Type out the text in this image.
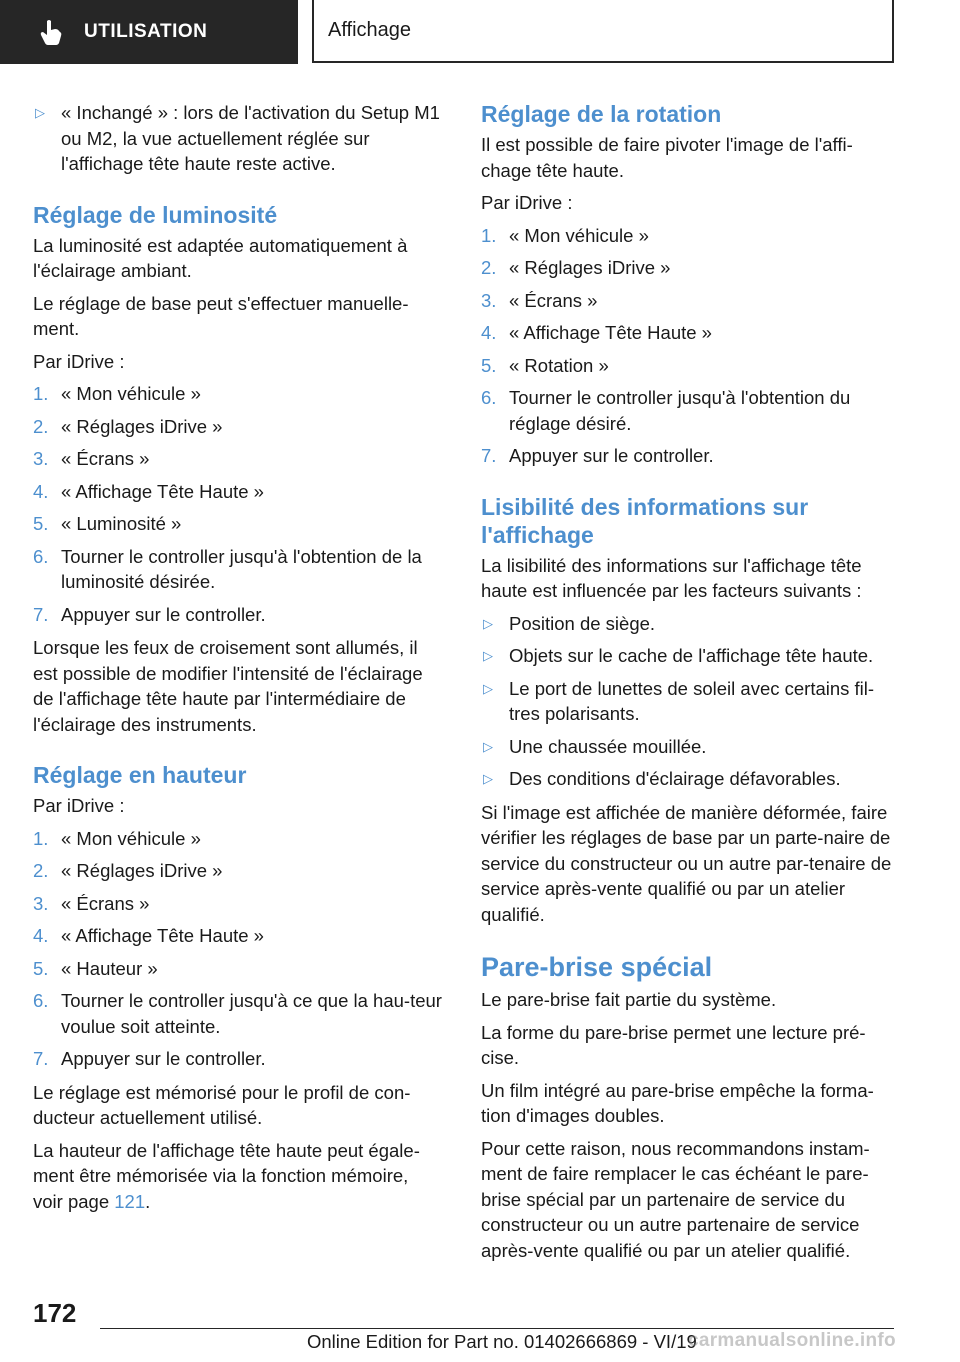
UTILISATION	Affichage
▷ « Inchangé » : lors de l'activation du Setup M1 ou M2, la vue actuellement réglée sur l'affichage tête haute reste active.
Réglage de luminosité

La luminosité est adaptée automatiquement à l'éclairage ambiant.

Le réglage de base peut s'effectuer manuelle-ment.

Par iDrive :

1. « Mon véhicule »
2. « Réglages iDrive »
3. « Écrans »
4. « Affichage Tête Haute »
5. « Luminosité »
6. Tourner le controller jusqu'à l'obtention de la luminosité désirée.
7. Appuyer sur le controller.

Lorsque les feux de croisement sont allumés, il est possible de modifier l'intensité de l'éclairage de l'affichage tête haute par l'intermédiaire de l'éclairage des instruments.

Réglage en hauteur

Par iDrive :

1. « Mon véhicule »
2. « Réglages iDrive »
3. « Écrans »
4. « Affichage Tête Haute »
5. « Hauteur »
6. Tourner le controller jusqu'à ce que la hau-teur voulue soit atteinte.
7. Appuyer sur le controller.

Le réglage est mémorisé pour le profil de con-ducteur actuellement utilisé.

La hauteur de l'affichage tête haute peut égale-ment être mémorisée via la fonction mémoire, voir page 121.

Réglage de la rotation

Il est possible de faire pivoter l'image de l'affi-chage tête haute.

Par iDrive :

1. « Mon véhicule »
2. « Réglages iDrive »
3. « Écrans »
4. « Affichage Tête Haute »
5. « Rotation »
6. Tourner le controller jusqu'à l'obtention du réglage désiré.
7. Appuyer sur le controller.
Lisibilité des informations sur l'affichage

La lisibilité des informations sur l'affichage tête haute est influencée par les facteurs suivants :

▷ Position de siège.
▷ Objets sur le cache de l'affichage tête haute.
▷ Le port de lunettes de soleil avec certains fil-tres polarisants.
▷ Une chaussée mouillée.
▷ Des conditions d'éclairage défavorables.

Si l'image est affichée de manière déformée, faire vérifier les réglages de base par un parte-naire de service du constructeur ou un autre par-tenaire de service après-vente qualifié ou par un atelier qualifié.

Pare-brise spécial

Le pare-brise fait partie du système.

La forme du pare-brise permet une lecture pré-cise.

Un film intégré au pare-brise empêche la forma-tion d'images doubles.

Pour cette raison, nous recommandons instam-ment de faire remplacer le cas échéant le pare-brise spécial par un partenaire de service du constructeur ou un autre partenaire de service après-vente qualifié ou par un atelier qualifié.

172
Online Edition for Part no. 01402666869 - VI/19
carmanualsonline.info
